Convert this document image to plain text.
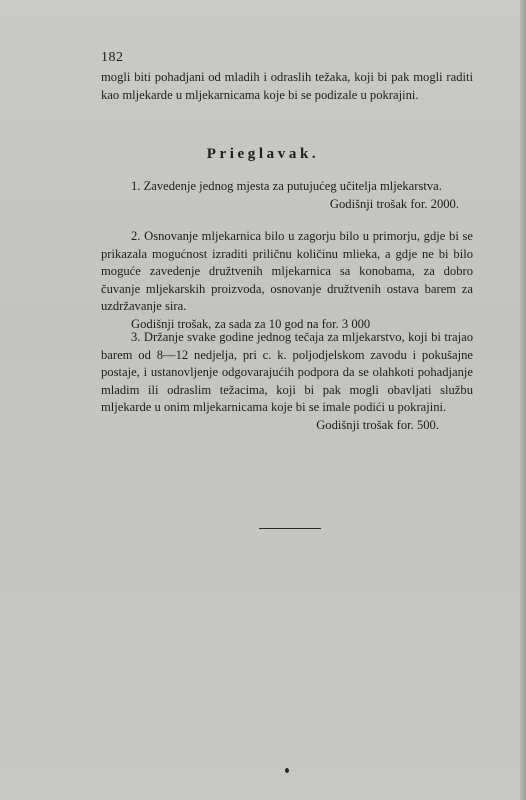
182
mogli biti pohadjani od mladih i odraslih težaka, koji bi pak mogli raditi kao mljekarde u mljekarnicama koje bi se podizale u pokrajini.
Prieglavak.
1. Zavedenje jednog mjesta za putujućeg učitelja mljekarstva.
Godišnji trošak for. 2000.
2. Osnovanje mljekarnica bilo u zagorju bilo u primorju, gdje bi se prikazala mogućnost izraditi priličnu količinu mlieka, a gdje ne bi bilo moguće zavedenje družtvenih mljekarnica sa konobama, za dobro čuvanje mljekarskih proizvoda, osnovanje družtvenih ostava barem za uzdržavanje sira.
Godišnji trošak, za sada za 10 god na for. 3 000
3. Držanje svake godine jednog tečaja za mljekarstvo, koji bi trajao barem od 8—12 nedjelja, pri c. k. poljodjelskom zavodu i pokušajne postaje, i ustanovljenje odgovarajućih podpora da se olahkoti pohadjanje mladim ili odraslim težacima, koji bi pak mogli obavljati službu mljekarde u onim mljekarnicama koje bi se imale podići u pokrajini.
Godišnji trošak for. 500.
